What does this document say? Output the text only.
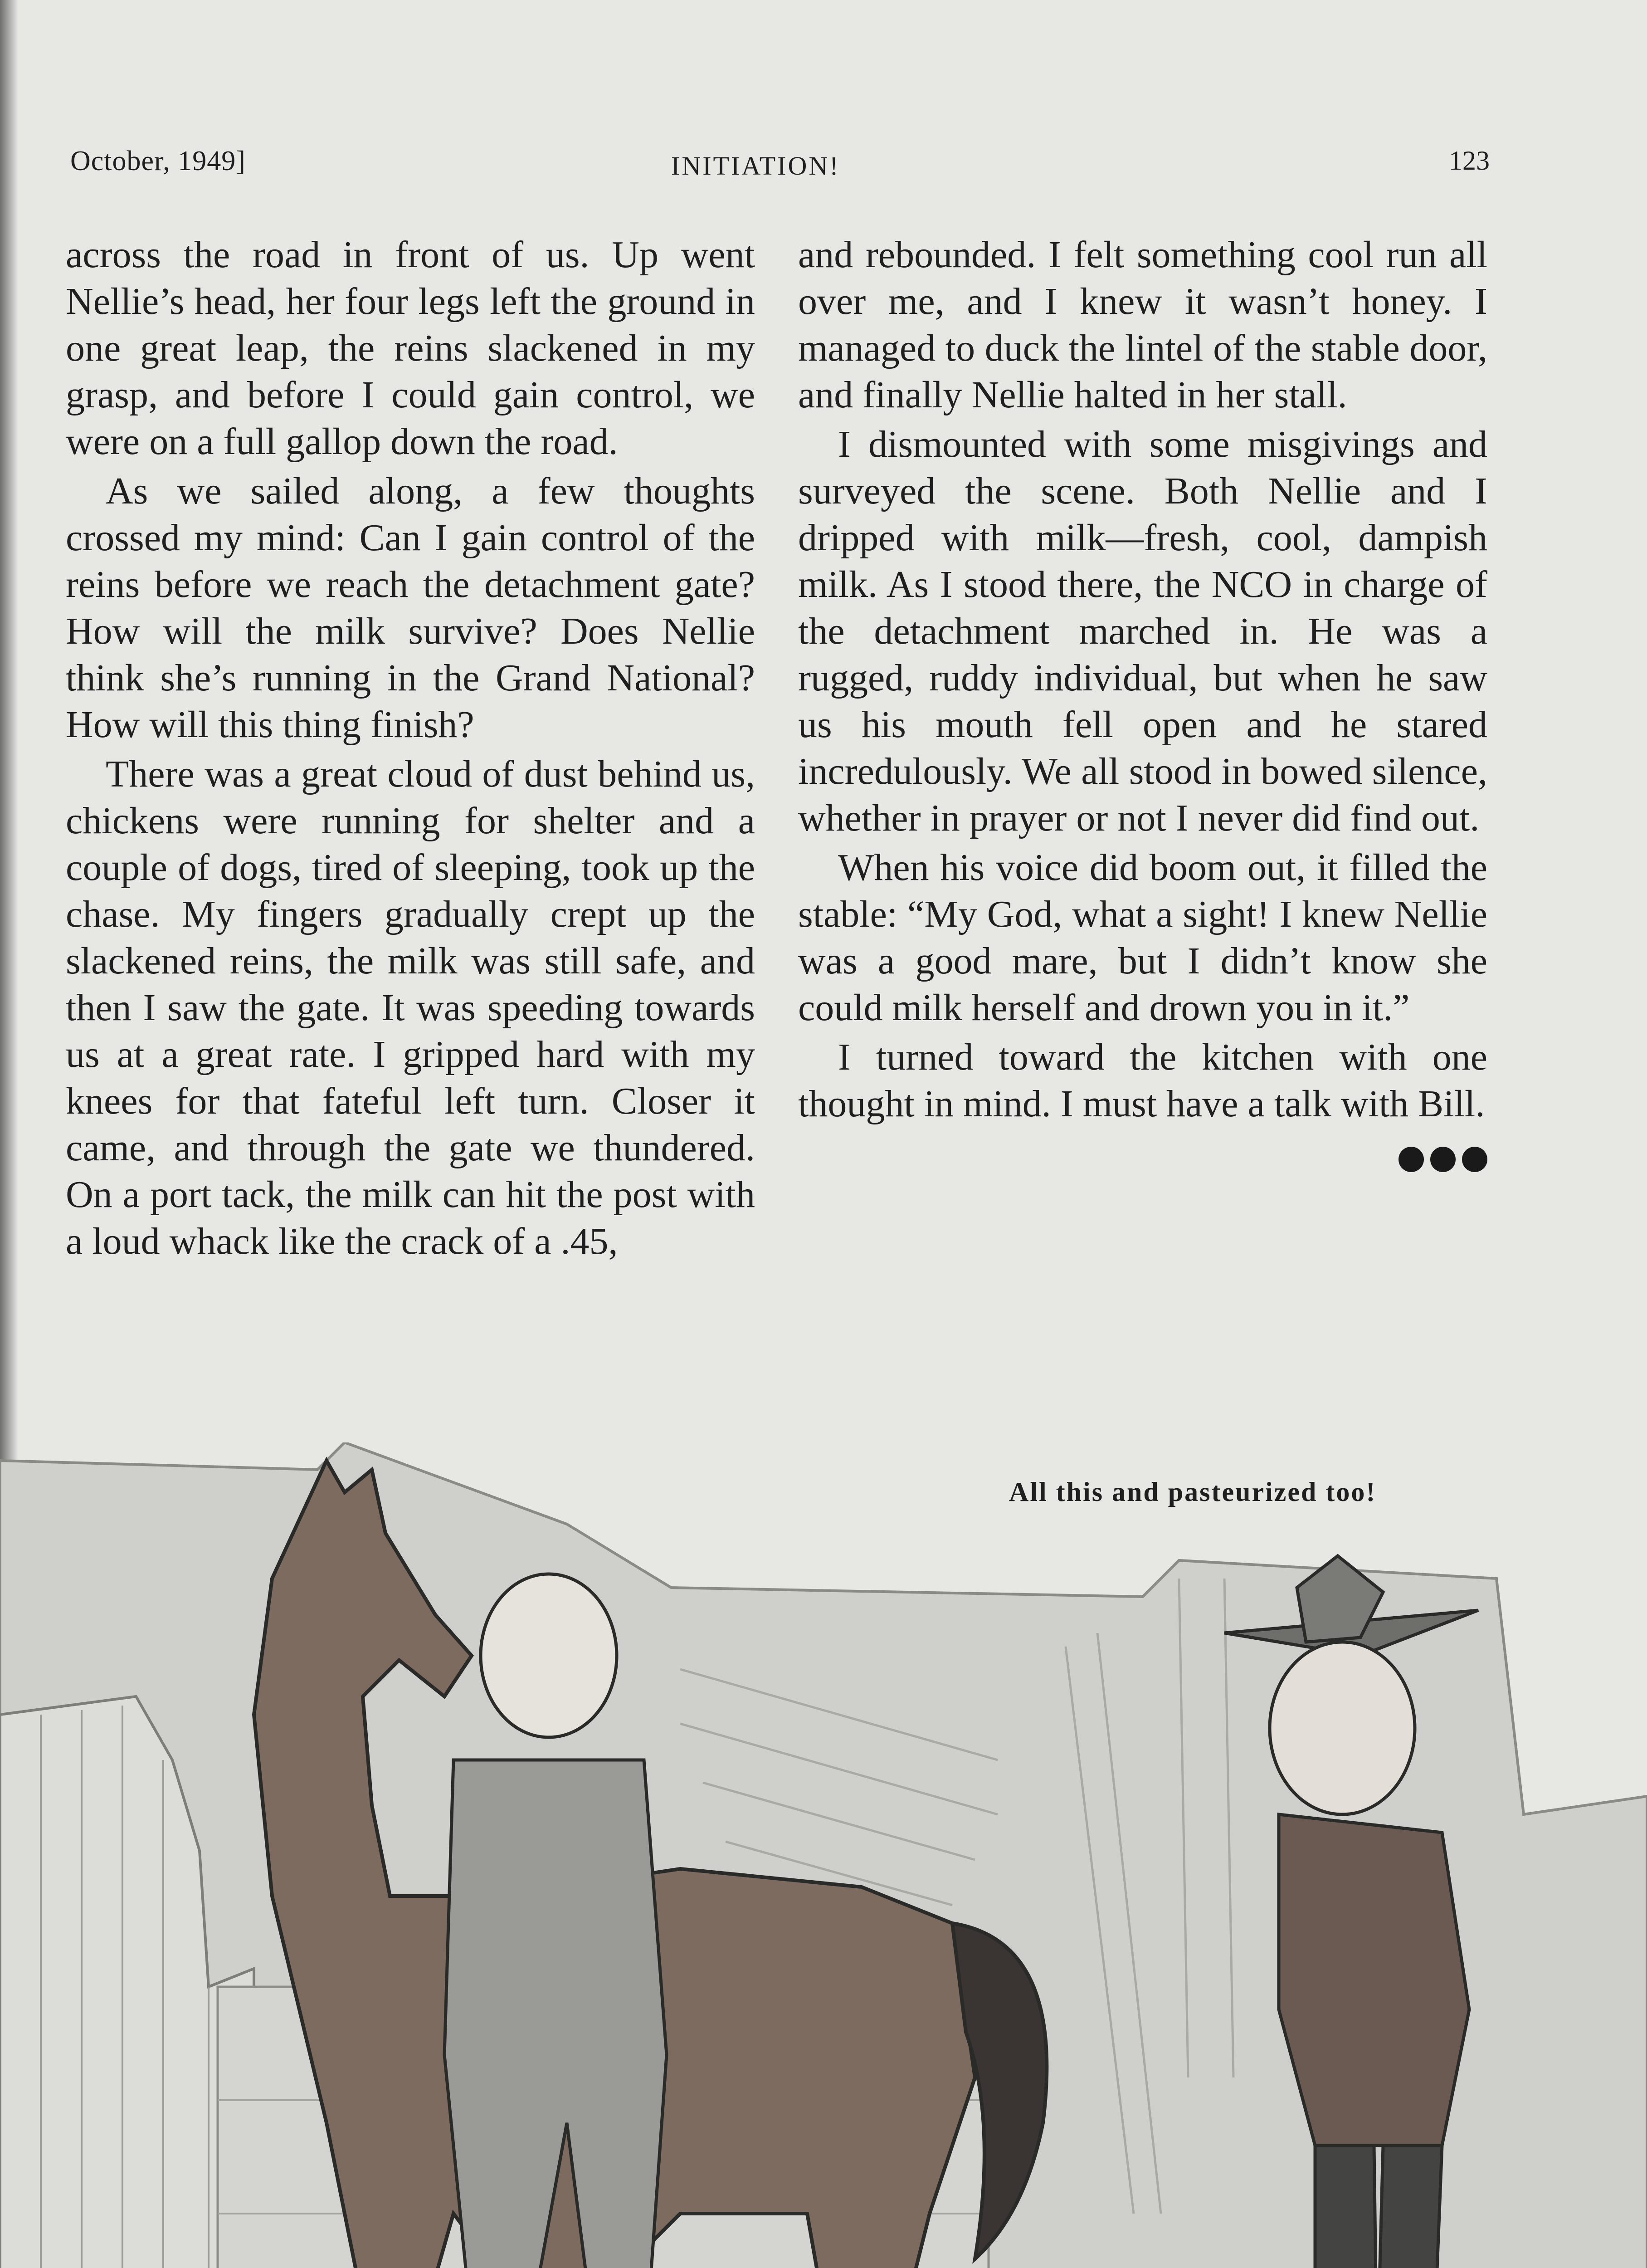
October, 1949]	INITIATION!	123

across the road in front of us. Up went Nellie’s head, her four legs left the ground in one great leap, the reins slackened in my grasp, and before I could gain control, we were on a full gallop down the road.

As we sailed along, a few thoughts crossed my mind: Can I gain control of the reins before we reach the detachment gate? How will the milk survive? Does Nellie think she’s running in the Grand National? How will this thing finish?

There was a great cloud of dust behind us, chickens were running for shelter and a couple of dogs, tired of sleeping, took up the chase. My fingers gradually crept up the slackened reins, the milk was still safe, and then I saw the gate. It was speeding towards us at a great rate. I gripped hard with my knees for that fateful left turn. Closer it came, and through the gate we thundered. On a port tack, the milk can hit the post with a loud whack like the crack of a .45,

and rebounded. I felt something cool run all over me, and I knew it wasn’t honey. I managed to duck the lintel of the stable door, and finally Nellie halted in her stall.

I dismounted with some misgivings and surveyed the scene. Both Nellie and I dripped with milk—fresh, cool, dampish milk. As I stood there, the NCO in charge of the detachment marched in. He was a rugged, ruddy individual, but when he saw us his mouth fell open and he stared incredulously. We all stood in bowed silence, whether in prayer or not I never did find out.

When his voice did boom out, it filled the stable: “My God, what a sight! I knew Nellie was a good mare, but I didn’t know she could milk herself and drown you in it.”

I turned toward the kitchen with one thought in mind. I must have a talk with Bill.

All this and pasteurized too!
